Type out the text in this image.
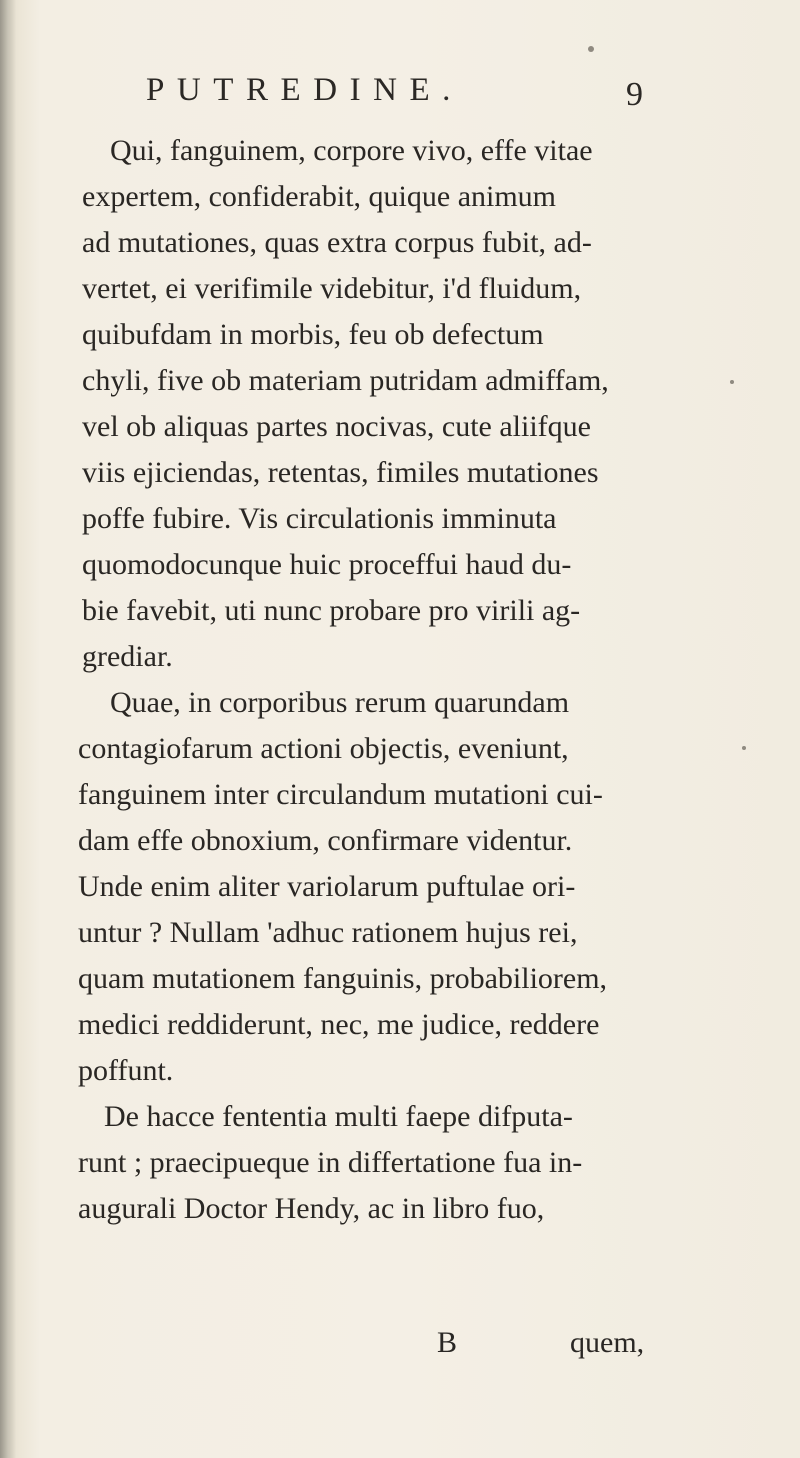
PUTREDINE.	9
Qui, fanguinem, corpore vivo, effe vitae
expertem, confiderabit, quique animum
ad mutationes, quas extra corpus fubit, ad-
vertet, ei verifimile videbitur, i'd fluidum,
quibufdam in morbis, feu ob defectum
chyli, five ob materiam putridam admiffam,
vel ob aliquas partes nocivas, cute aliifque
viis ejiciendas, retentas, fimiles mutationes
poffe fubire. Vis circulationis imminuta
quomodocunque huic proceffui haud du-
bie favebit, uti nunc probare pro virili ag-
grediar.
Quae, in corporibus rerum quarundam
contagiofarum actioni objectis, eveniunt,
fanguinem inter circulandum mutationi cui-
dam effe obnoxium, confirmare videntur.
Unde enim aliter variolarum puftulae ori-
untur ? Nullam 'adhuc rationem hujus rei,
quam mutationem fanguinis, probabiliorem,
medici reddiderunt, nec, me judice, reddere
poffunt.
De hacce fententia multi faepe difputa-
runt ; praecipueque in differtatione fua in-
augurali Doctor Hendy, ac in libro fuo,
B	quem,
